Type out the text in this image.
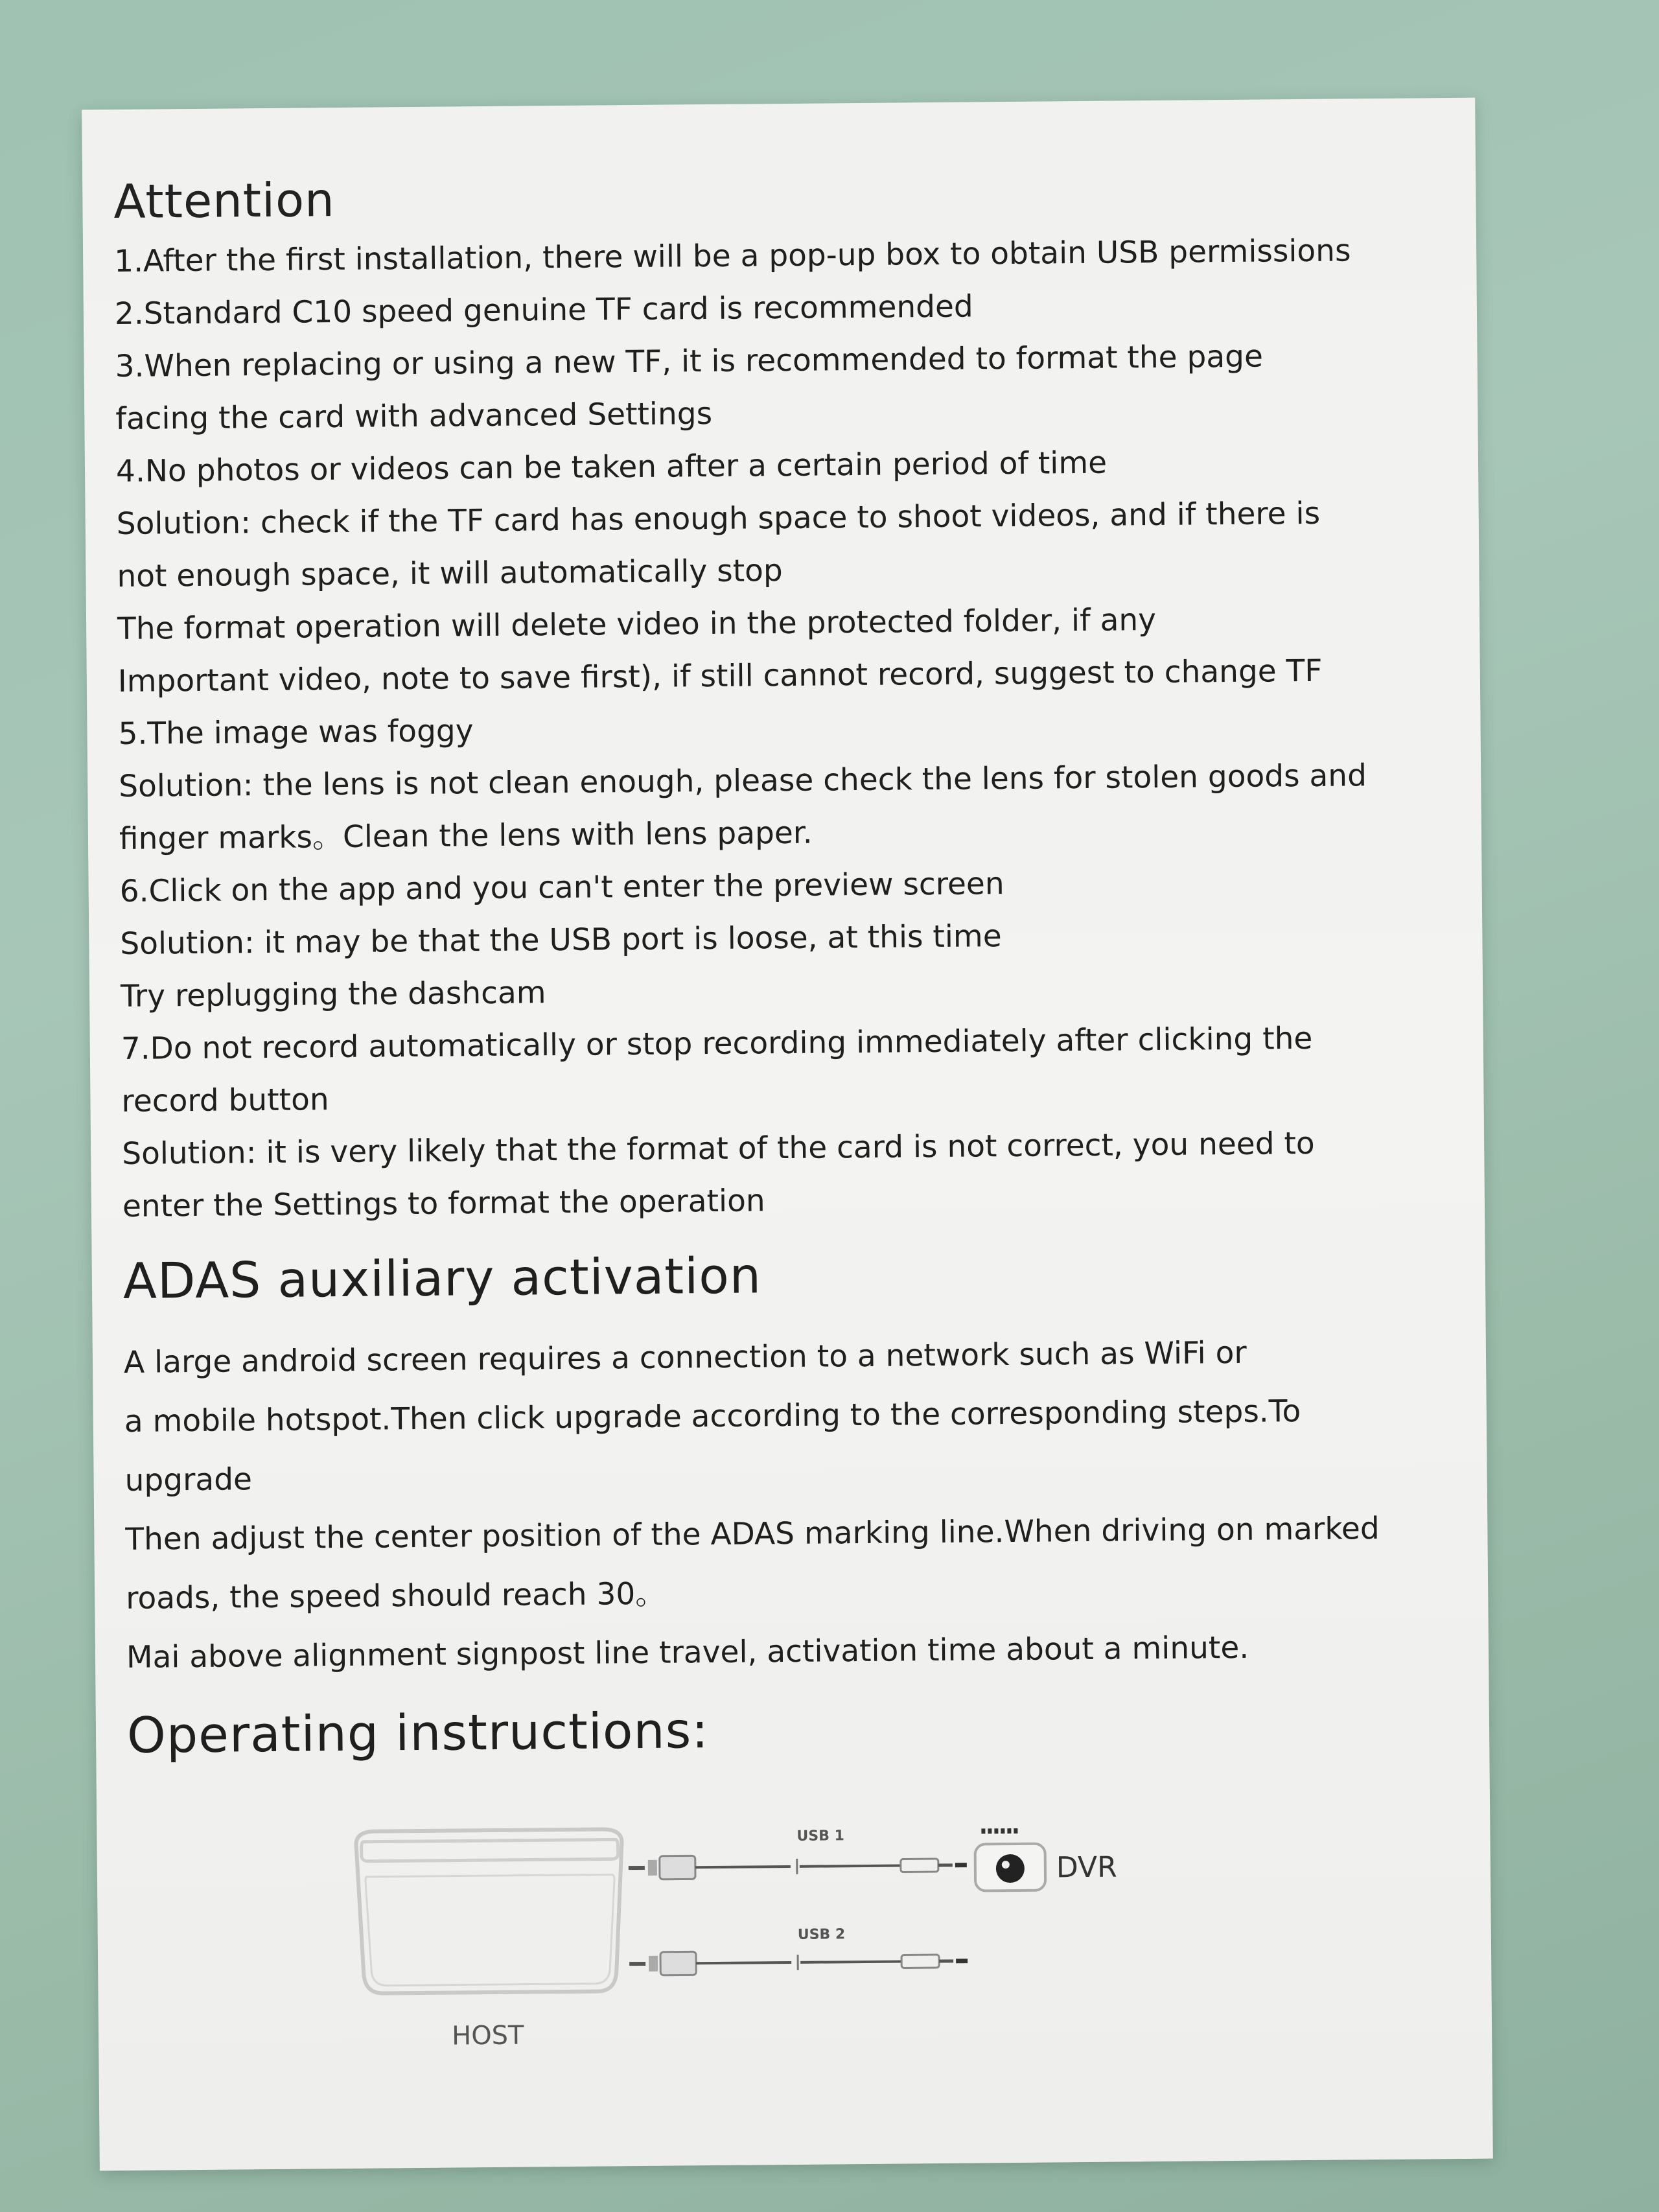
Attention

1.After the first installation, there will be a pop-up box to obtain USB permissions

2.Standard C10 speed genuine TF card is recommended

3.When replacing or using a new TF, it is recommended to format the page

facing the card with advanced Settings

4.No photos or videos can be taken after a certain period of time

Solution: check if the TF card has enough space to shoot videos, and if there is

not enough space, it will automatically stop

The format operation will delete video in the protected folder, if any

Important video, note to save first), if still cannot record, suggest to change TF

5.The image was foggy

Solution: the lens is not clean enough, please check the lens for stolen goods and

finger marks。Clean the lens with lens paper.

6.Click on the app and you can't enter the preview screen

Solution: it may be that the USB port is loose, at this time

Try replugging the dashcam

7.Do not record automatically or stop recording immediately after clicking the

record button

Solution: it is very likely that the format of the card is not correct, you need to

enter the Settings to format the operation

ADAS auxiliary activation

A large android screen requires a connection to a network such as WiFi or

a mobile hotspot.Then click upgrade according to the corresponding steps.To

upgrade

Then adjust the center position of the ADAS marking line.When driving on marked

roads, the speed should reach 30。

Mai above alignment signpost line travel, activation time about a minute.

Operating instructions:
HOST
USB 1
USB 2
DVR
